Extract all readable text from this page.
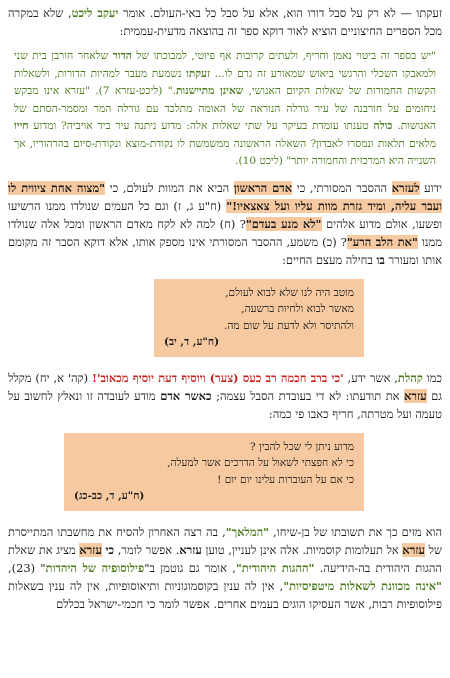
זעקתו — לא רק על סבל דורו הוא, אלא על סבל כל באי-העולם. אומר יעקב ליכט, שלא במקרה מכל הספרים החיצוניים הוציא לאור דוקא ספר זה בהוצאה מדעית-עממית:

"יש בספר זה ביטוי נאמן וחריף, ולעתים קרובות אף פיוטי, למבוכתו של הדור שלאחר חורבן בית שני ולמאבקו השכלי והרגשי ביאוש שמאורע זה גרם לו... זעקתו נשמעת מעבר למהיות הדורות, ולשאלות הקשות החמורות של שאלות הקיום האנושי, שאינן מתיישנות." (ליכט-עזרא 7). "עזרא אינו מבקש ניחומים על חורבנה של עיר גורלה הנוראה של האומה מתלכד עם גורלה המר ומסמר-הסתם של האנושות. כולה טענתו עומדת בעיקר על שתי שאלות אלה: מדוע ניתנה עיר ביד אויביה? ומדוע חייו מלאים תלאות ונמסרו לאבדון? השאלה הראשונה ממשמשת לו נקודת-מוצא ונקודת-סיום בהרהוריו, אך השנייה היא המרכזית והחמורה יותר" (ליכט 10).

ידוע לעזרא ההסבר המסורתי, כי אדם הראשון הביא את המוות לעולם, כי "מצוה אחת ציווית לו ועבר עליה, ומיד גזרת מוות עליו ועל צאצאיו!" (ח"ע ג, ז) וגם כל העמים שנולדו ממנו הרשיעו ופשעו, אולם מדוע אלהים "לא מנע בעדם"? (ח) למה לא לקח מאדם הראשון ומכל אלה שנולדו ממנו "את הלב הרע"? (כ) משמע, ההסבר המסורתי אינו מספק אותו, אלא דוקא הסבר זה מקומם אותו ומעורר בו בחילה מעצם החיים:

מוטב היה לנו שלא לבוא לעולם,
מאשר לבוא ולחיות ברשעה,
ולהתיסר ולא לדעת על שום מה.
(ח"ע, ד, יב)

כמו קהלת, אשר ידע, 'כי ברב חכמה רב כעס (צער) ויוסיף דעת יוסיף מכאוב'! (קה' א, יח) מקלל גם עזרא את תודעתו: לא די בעובדת הסבל עצמה; כאשר אדם מודע לעובדה זו ונאלץ לחשוב על טעמה ועל מטרתה, חריף כאבו פי כמה:

מדוע ניתן לי שכל להבין ?
כי לא חפצתי לשאול על הדרכים אשר למעלה,
כי אם על העוברות עלינו יום יום !
(ח"ע, ד, כב-כג)

הוא מזים כך את תשובתו של בן-שיחו, "המלאך", בה רצה האחרון להסיח את מחשבתו המתייסרת של עזרא אל תעלומות קוסמיות. אלה אינן לעניין, טוען עזרא. אפשר לומר, כי עזרא מציג את שאלת ההגות היהודית בה-הידיעה. "ההגות היהודית", אומר גם גוטמן ב"פילוסופיה של היהדות" (23), "אינה מכוונת לשאלות מיטפיסיות", אין לה ענין בקוסמוגוניות ותיאוסופיות, אין לה ענין בשאלות פילוסופיות רבות, אשר העסיקו הוגים בעמים אחרים. אפשר לומר כי חכמי-ישראל בכללם
